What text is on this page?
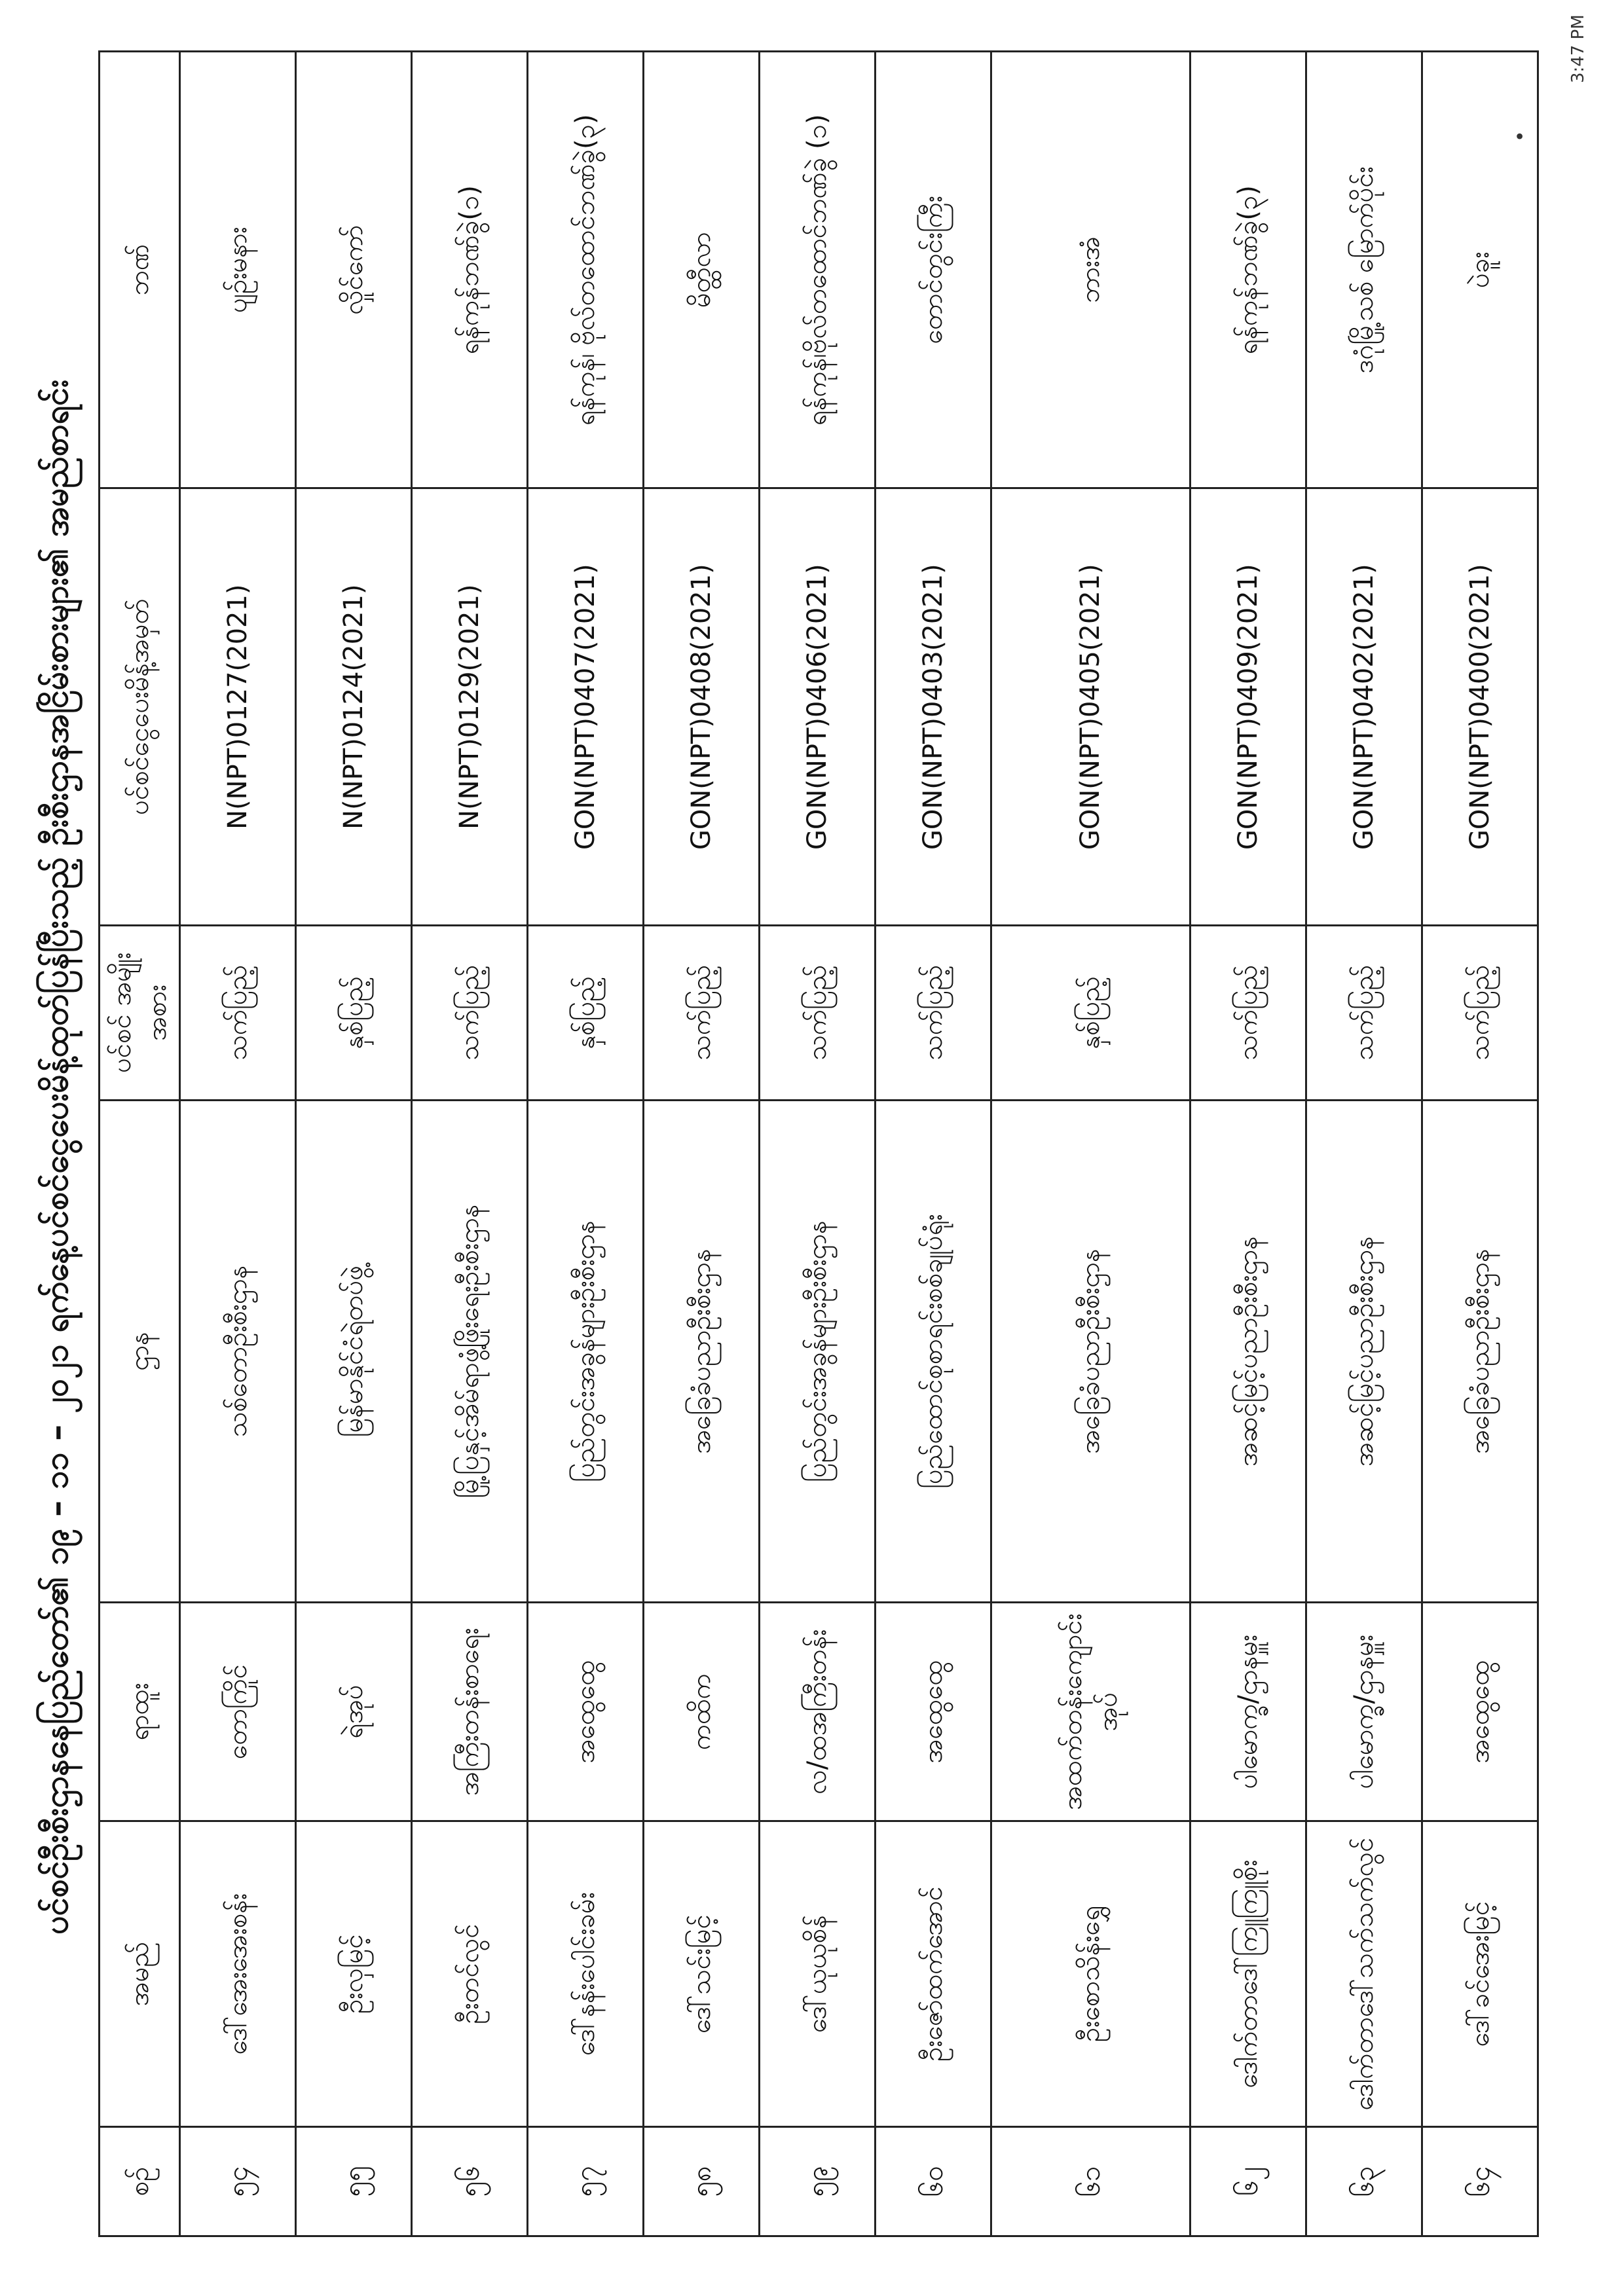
ပင်စင်ဦးစီးဌာနနေပြည်တော်၏ ၁၉ – ၁၁ – ၂၀၂၁ ရက်နေ့ပင်စင်ငွေပေးမိန့်ထုတ်ပြန်ပြီးသည့် ဦးစီးဌာနအငြိမ်းစားများ၏ အမည်စာရင်း
•
3:47 PM
စဉ်	အမည်	ရာထူး	ဌာန	ပင်စင် အမျိုးအစား	ပင်စင်ငွေပေးမိန့်အမှတ်	ဘဏ်
၅၄	ဒေါ်အေးအေးစန်း	တောကြိုင်	သစ်တောဦးစီးဌာန	သက်ပြည့်	N(NPT)0127(2021)	ပျဉ်းမနား
၅၅	ဦးလှမြင့်	ရဲအုပ်	မြန်မာနိုင်ငံရဲတပ်ဖွဲ့	နှစ်ပြည့်	N(NPT)0124(2021)	လှိုင်ကော်
၅၆	ဦးတင်လွင်	အကြီးတန်းစာရေး	မြို့ပြနှင့်အိမ်ရာဖွံ့ဖြိုးရေးဦးစီးဌာန	သက်ပြည့်	N(NPT)0129(2021)	ရန်ကုန်ဘဏ်ခွဲ(၁)
၅၇	ဒေါ်နန်းပေါင်းခမ်း	အထွေထွေ	ပြည်တွင်းအခွန်များဦးစီးဌာန	နှစ်ပြည့်	GON(NPT)0407(2021)	ရန်ကုန်၊ ဗိုလ်တထောင်ဘဏ်ခွဲ(၃)
၅၈	ဒေါ်သင်းမြင့်	ကထိက	အခြေခံပညာဦးစီးဌာန	သက်ပြည့်	GON(NPT)0408(2021)	မိတ္ထီလာ
၅၉	ဒေါ်ယုယုစိန်	လ/ထအကြီးတန်း	ပြည်တွင်းအခွန်များဦးစီးဌာန	သက်ပြည့်	GON(NPT)0406(2021)	ရန်ကုန်၊ဗိုလ်တထောင်ဘဏ်ခွဲ (၁)
၆၀	ဦးဇော်ထက်အောင်	အထွေထွေ	ပြည်ထောင်စုစာရင်းစစ်ချုပ်ရုံး	သက်ပြည့်	GON(NPT)0403(2021)	တောင်တွင်းကြီး
၆၁	ဦးစောသိန်းရွှေ	အထက်တန်းကျောင်းအုပ်	အခြေခံပညာဦးစီးဌာန	နှစ်ပြည့်	GON(NPT)0405(2021)	ဘားအံ
၆၂	ဒေါက်တာဒေါ်ကြူကြူစိုး	ပါမောက္ခ/ဌာနမှူး	အဆင့်မြင့်ပညာဦးစီးဌာန	သက်ပြည့်	GON(NPT)0409(2021)	ရန်ကုန်ဘဏ်ခွဲ(၃)
၆၃	ဒေါက်တာဒေါ်သက်သက်လွင်	ပါမောက္ခ/ဌာနမှူး	အဆင့်မြင့်ပညာဦးစီးဌာန	သက်ပြည့်	GON(NPT)0402(2021)	ဒဂုံမြို့သစ် မြောက်ပိုင်း
၆၄	ဒေါ်ခင်အေးမြင့်	အထွေထွေ	အခြေခံပညာဦးစီးဌာန	သက်ပြည့်	GON(NPT)0400(2021)	ပဲခူး
